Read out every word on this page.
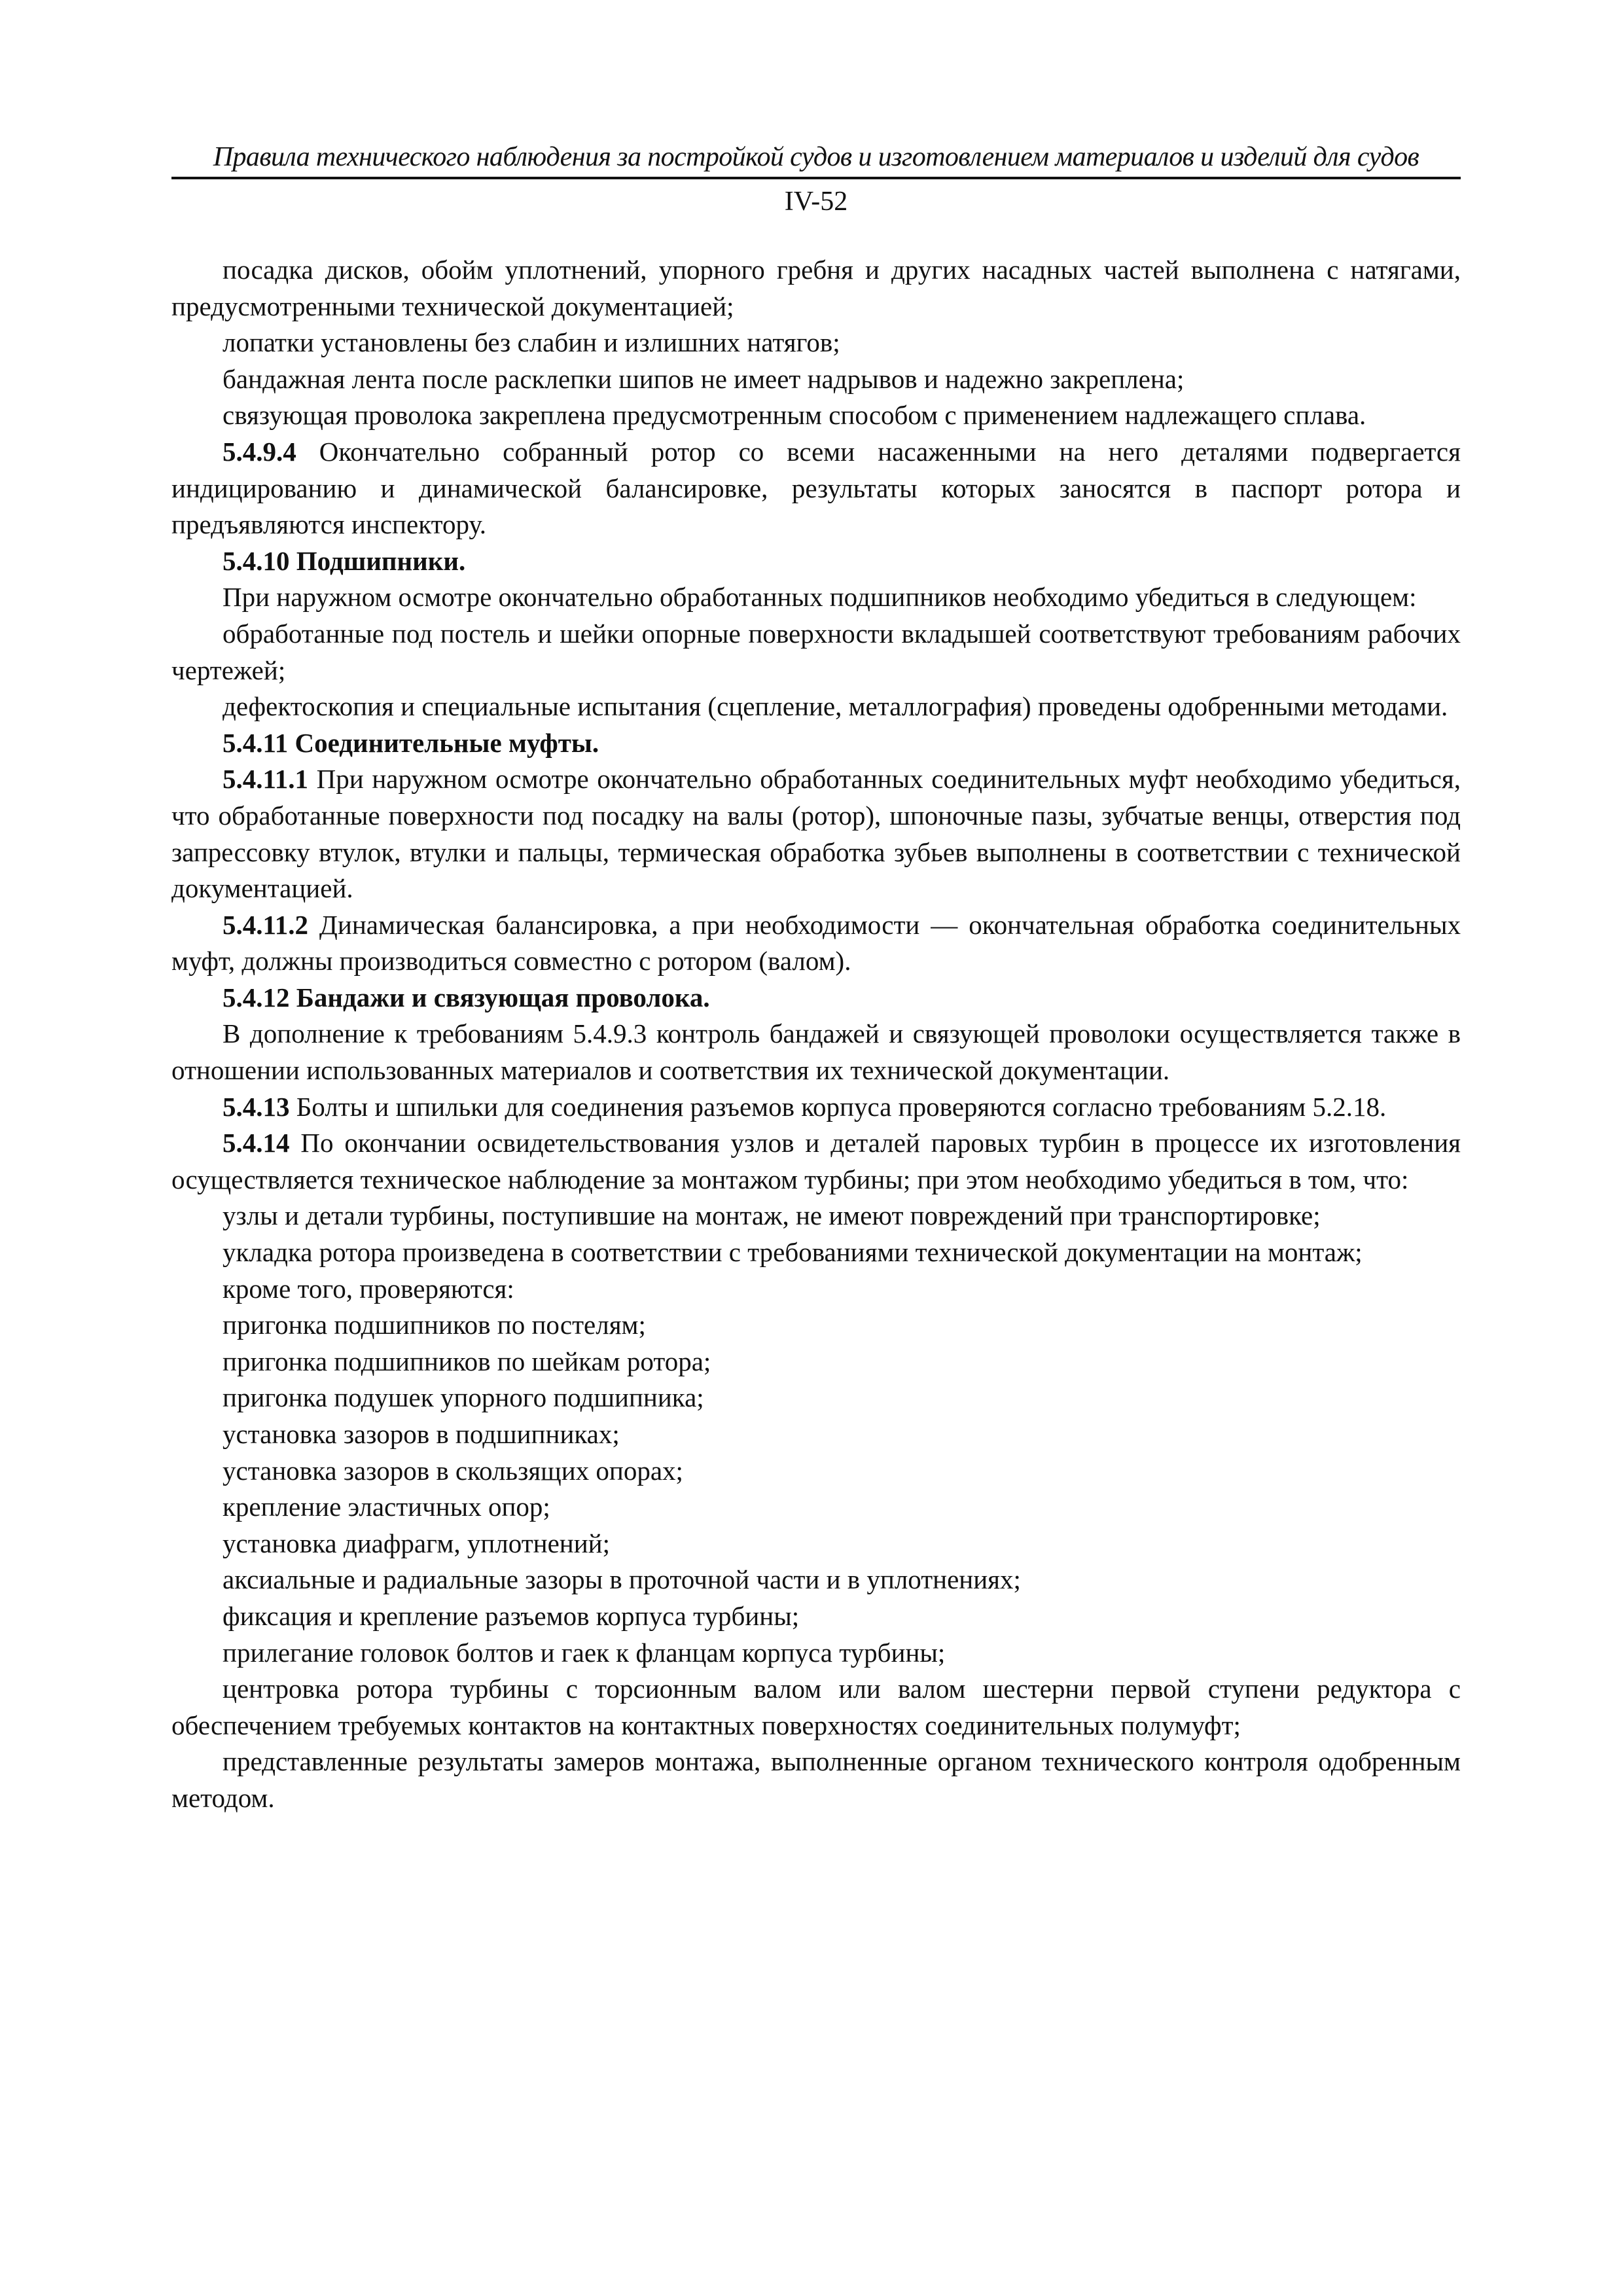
Правила технического наблюдения за постройкой судов и изготовлением материалов и изделий для судов
IV-52

посадка дисков, обойм уплотнений, упорного гребня и других насадных частей выполнена с натягами, предусмотренными технической документацией;

лопатки установлены без слабин и излишних натягов;

бандажная лента после расклепки шипов не имеет надрывов и надежно закреплена;

связующая проволока закреплена предусмотренным способом с применением надлежащего сплава.

5.4.9.4 Окончательно собранный ротор со всеми насаженными на него деталями подвергается индицированию и динамической балансировке, результаты которых заносятся в паспорт ротора и предъявляются инспектору.

5.4.10 Подшипники.

При наружном осмотре окончательно обработанных подшипников необходимо убедиться в следующем:

обработанные под постель и шейки опорные поверхности вкладышей соответствуют требованиям рабочих чертежей;

дефектоскопия и специальные испытания (сцепление, металлография) проведены одобренными методами.

5.4.11 Соединительные муфты.

5.4.11.1 При наружном осмотре окончательно обработанных соединительных муфт необходимо убедиться, что обработанные поверхности под посадку на валы (ротор), шпоночные пазы, зубчатые венцы, отверстия под запрессовку втулок, втулки и пальцы, термическая обработка зубьев выполнены в соответствии с технической документацией.

5.4.11.2 Динамическая балансировка, а при необходимости — окончательная обработка соединительных муфт, должны производиться совместно с ротором (валом).

5.4.12 Бандажи и связующая проволока.

В дополнение к требованиям 5.4.9.3 контроль бандажей и связующей проволоки осуществляется также в отношении использованных материалов и соответствия их технической документации.

5.4.13 Болты и шпильки для соединения разъемов корпуса проверяются согласно требованиям 5.2.18.

5.4.14 По окончании освидетельствования узлов и деталей паровых турбин в процессе их изготовления осуществляется техническое наблюдение за монтажом турбины; при этом необходимо убедиться в том, что:

узлы и детали турбины, поступившие на монтаж, не имеют повреждений при транспортировке;

укладка ротора произведена в соответствии с требованиями технической документации на монтаж;

кроме того, проверяются:

пригонка подшипников по постелям;

пригонка подшипников по шейкам ротора;

пригонка подушек упорного подшипника;

установка зазоров в подшипниках;

установка зазоров в скользящих опорах;

крепление эластичных опор;

установка диафрагм, уплотнений;

аксиальные и радиальные зазоры в проточной части и в уплотнениях;

фиксация и крепление разъемов корпуса турбины;

прилегание головок болтов и гаек к фланцам корпуса турбины;

центровка ротора турбины с торсионным валом или валом шестерни первой ступени редуктора с обеспечением требуемых контактов на контактных поверхностях соединительных полумуфт;

представленные результаты замеров монтажа, выполненные органом технического контроля одобренным методом.
